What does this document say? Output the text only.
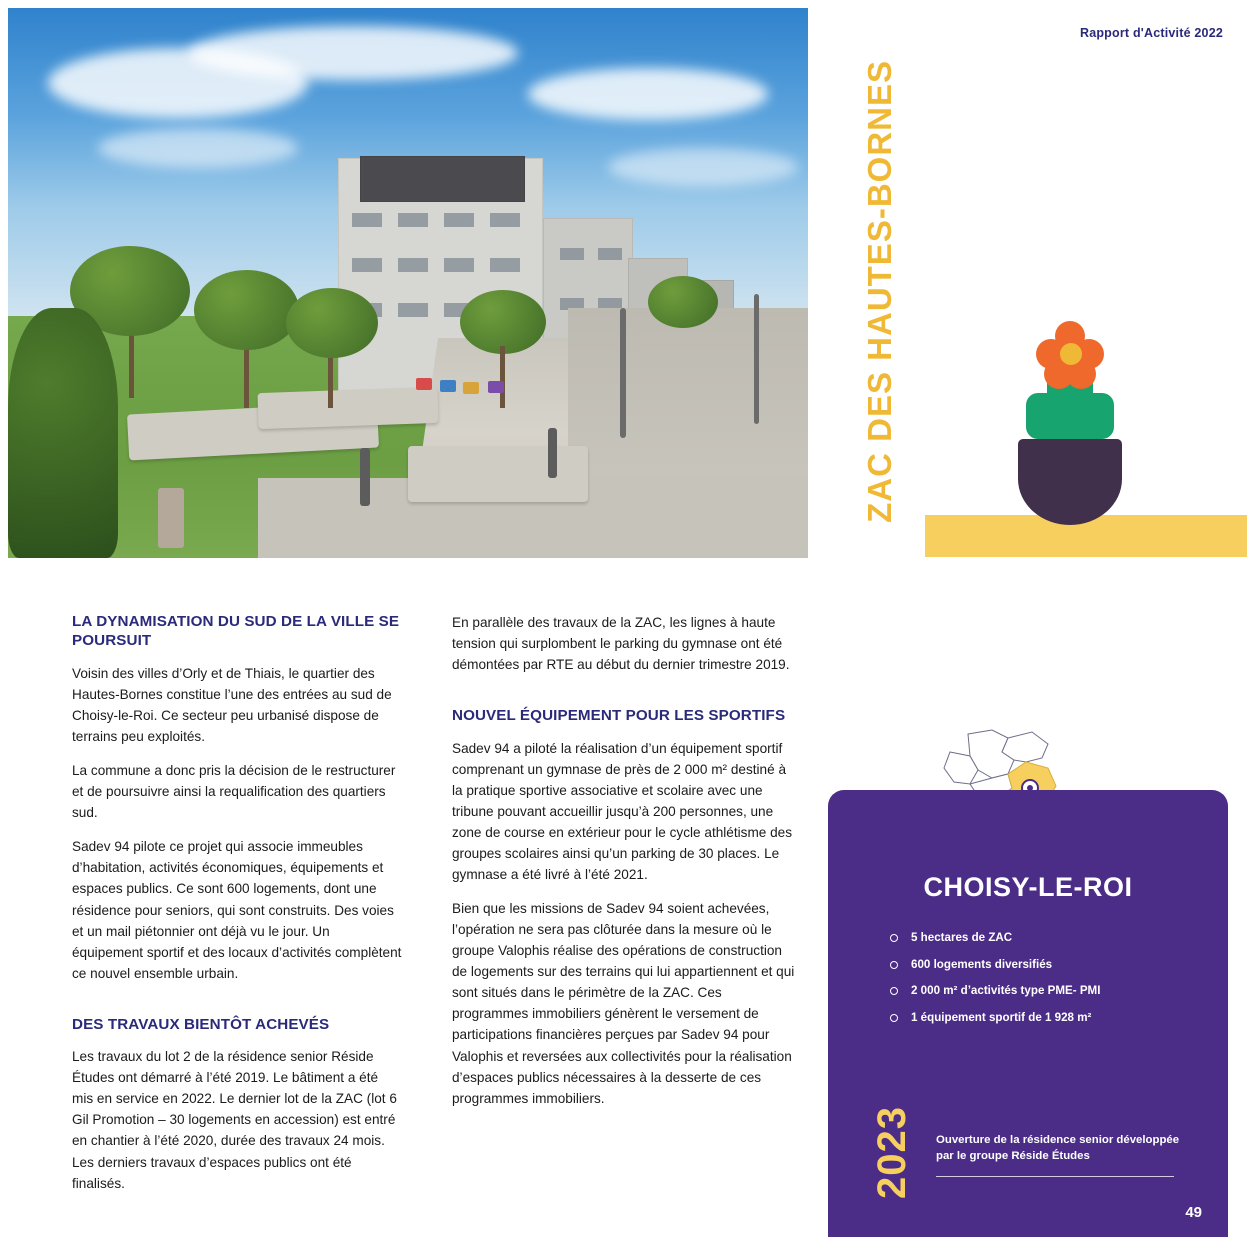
Rapport d'Activité 2022
ZAC DES HAUTES-BORNES
LA DYNAMISATION DU SUD DE LA VILLE SE POURSUIT

Voisin des villes d’Orly et de Thiais, le quartier des Hautes-Bornes constitue l’une des entrées au sud de Choisy-le-Roi. Ce secteur peu urbanisé dispose de terrains peu exploités.

La commune a donc pris la décision de le restructurer et de poursuivre ainsi la requalification des quartiers sud.

Sadev 94 pilote ce projet qui associe immeubles d’habitation, activités économiques, équipements et espaces publics. Ce sont 600 logements, dont une résidence pour seniors, qui sont construits. Des voies et un mail piétonnier ont déjà vu le jour. Un équipement sportif et des locaux d’activités complètent ce nouvel ensemble urbain.

DES TRAVAUX BIENTÔT ACHEVÉS

Les travaux du lot 2 de la résidence senior Réside Études ont démarré à l’été 2019. Le bâtiment a été mis en service en 2022. Le dernier lot de la ZAC (lot 6 Gil Promotion – 30 logements en accession) est entré en chantier à l’été 2020, durée des travaux 24 mois. Les derniers travaux d’espaces publics ont été finalisés.

En parallèle des travaux de la ZAC, les lignes à haute tension qui surplombent le parking du gymnase ont été démontées par RTE au début du dernier trimestre 2019.

NOUVEL ÉQUIPEMENT POUR LES SPORTIFS

Sadev 94 a piloté la réalisation d’un équipement sportif comprenant un gymnase de près de 2 000 m² destiné à la pratique sportive associative et scolaire avec une tribune pouvant accueillir jusqu’à 200 personnes, une zone de course en extérieur pour le cycle athlétisme des groupes scolaires ainsi qu’un parking de 30 places. Le gymnase a été livré à l’été 2021.

Bien que les missions de Sadev 94 soient achevées, l’opération ne sera pas clôturée dans la mesure où le groupe Valophis réalise des opérations de construction de logements sur des terrains qui lui appartiennent et qui sont situés dans le périmètre de la ZAC. Ces programmes immobiliers génèrent le versement de participations financières perçues par Sadev 94 pour Valophis et reversées aux collectivités pour la réalisation d’espaces publics nécessaires à la desserte de ces programmes immobiliers.

CHOISY-LE-ROI
5 hectares de ZAC
600 logements diversifiés
2 000 m² d’activités type PME- PMI
1 équipement sportif de 1 928 m²
2023 Ouverture de la résidence senior développée par le groupe Réside Études
49
